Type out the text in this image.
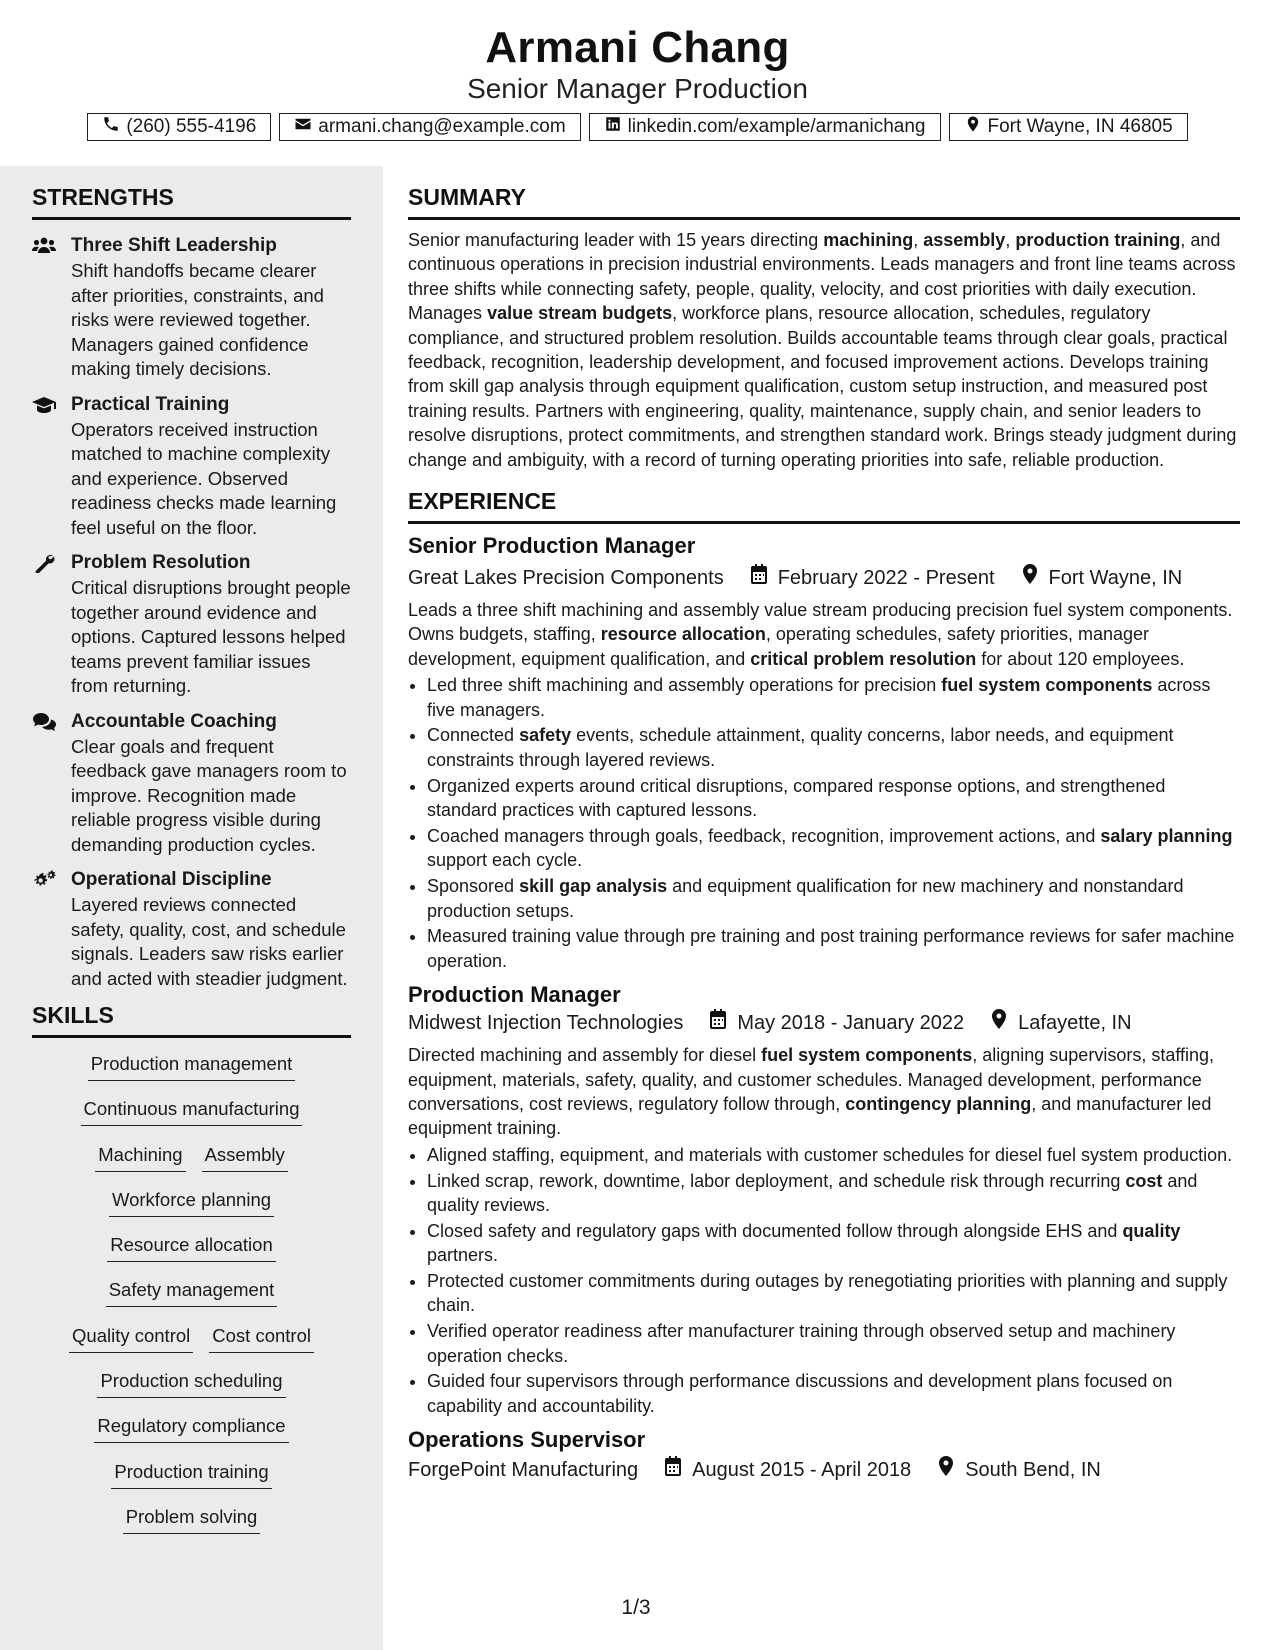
Armani Chang
Senior Manager Production
(260) 555-4196	armani.chang@example.com	linkedin.com/example/armanichang	Fort Wayne, IN 46805
STRENGTHS
Three Shift Leadership
Shift handoffs became clearer after priorities, constraints, and risks were reviewed together. Managers gained confidence making timely decisions.
Practical Training
Operators received instruction matched to machine complexity and experience. Observed readiness checks made learning feel useful on the floor.
Problem Resolution
Critical disruptions brought people together around evidence and options. Captured lessons helped teams prevent familiar issues from returning.
Accountable Coaching
Clear goals and frequent feedback gave managers room to improve. Recognition made reliable progress visible during demanding production cycles.
Operational Discipline
Layered reviews connected safety, quality, cost, and schedule signals. Leaders saw risks earlier and acted with steadier judgment.
SKILLS
Production management
Continuous manufacturing
Machining Assembly
Workforce planning
Resource allocation
Safety management
Quality control Cost control
Production scheduling
Regulatory compliance
Production training
Problem solving
SUMMARY
Senior manufacturing leader with 15 years directing machining, assembly, production training, and continuous operations in precision industrial environments. Leads managers and front line teams across three shifts while connecting safety, people, quality, velocity, and cost priorities with daily execution. Manages value stream budgets, workforce plans, resource allocation, schedules, regulatory compliance, and structured problem resolution. Builds accountable teams through clear goals, practical feedback, recognition, leadership development, and focused improvement actions. Develops training from skill gap analysis through equipment qualification, custom setup instruction, and measured post training results. Partners with engineering, quality, maintenance, supply chain, and senior leaders to resolve disruptions, protect commitments, and strengthen standard work. Brings steady judgment during change and ambiguity, with a record of turning operating priorities into safe, reliable production.
EXPERIENCE
Senior Production Manager
Great Lakes Precision Components	February 2022 - Present	Fort Wayne, IN
Leads a three shift machining and assembly value stream producing precision fuel system components. Owns budgets, staffing, resource allocation, operating schedules, safety priorities, manager development, equipment qualification, and critical problem resolution for about 120 employees.
• Led three shift machining and assembly operations for precision fuel system components across five managers.
• Connected safety events, schedule attainment, quality concerns, labor needs, and equipment constraints through layered reviews.
• Organized experts around critical disruptions, compared response options, and strengthened standard practices with captured lessons.
• Coached managers through goals, feedback, recognition, improvement actions, and salary planning support each cycle.
• Sponsored skill gap analysis and equipment qualification for new machinery and nonstandard production setups.
• Measured training value through pre training and post training performance reviews for safer machine operation.
Production Manager
Midwest Injection Technologies	May 2018 - January 2022	Lafayette, IN
Directed machining and assembly for diesel fuel system components, aligning supervisors, staffing, equipment, materials, safety, quality, and customer schedules. Managed development, performance conversations, cost reviews, regulatory follow through, contingency planning, and manufacturer led equipment training.
• Aligned staffing, equipment, and materials with customer schedules for diesel fuel system production.
• Linked scrap, rework, downtime, labor deployment, and schedule risk through recurring cost and quality reviews.
• Closed safety and regulatory gaps with documented follow through alongside EHS and quality partners.
• Protected customer commitments during outages by renegotiating priorities with planning and supply chain.
• Verified operator readiness after manufacturer training through observed setup and machinery operation checks.
• Guided four supervisors through performance discussions and development plans focused on capability and accountability.
Operations Supervisor
ForgePoint Manufacturing	August 2015 - April 2018	South Bend, IN
1/3
